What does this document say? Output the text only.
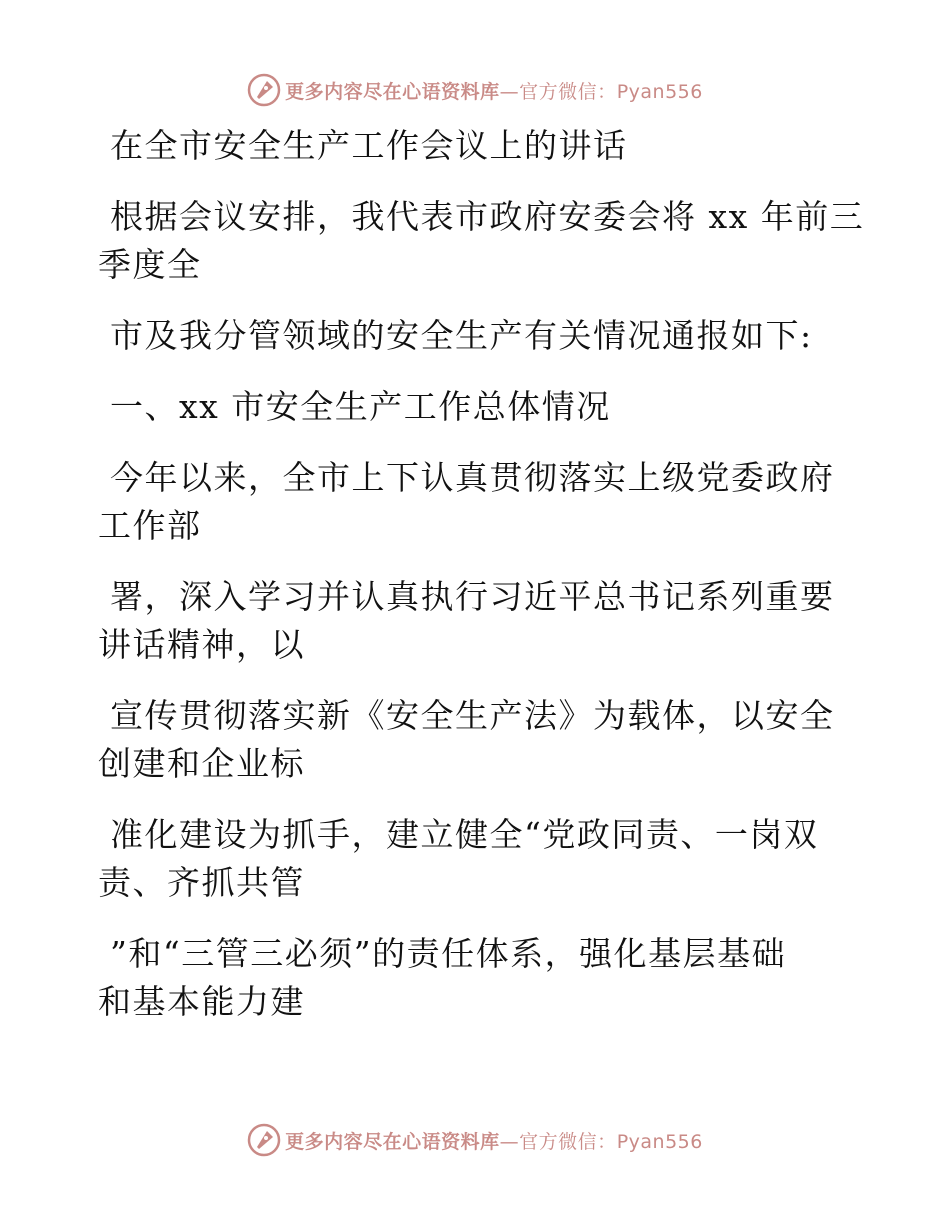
更多内容尽在心语资料库—官方微信：Pyan556

在全市安全生产工作会议上的讲话

根据会议安排，我代表市政府安委会将 xx 年前三

季度全

市及我分管领域的安全生产有关情况通报如下:

一、xx 市安全生产工作总体情况

今年以来，全市上下认真贯彻落实上级党委政府

工作部

署，深入学习并认真执行习近平总书记系列重要

讲话精神，以

宣传贯彻落实新《安全生产法》为载体，以安全

创建和企业标

准化建设为抓手，建立健全“党政同责、一岗双

责、齐抓共管

”和“三管三必须”的责任体系，强化基层基础

和基本能力建

更多内容尽在心语资料库—官方微信：Pyan556
